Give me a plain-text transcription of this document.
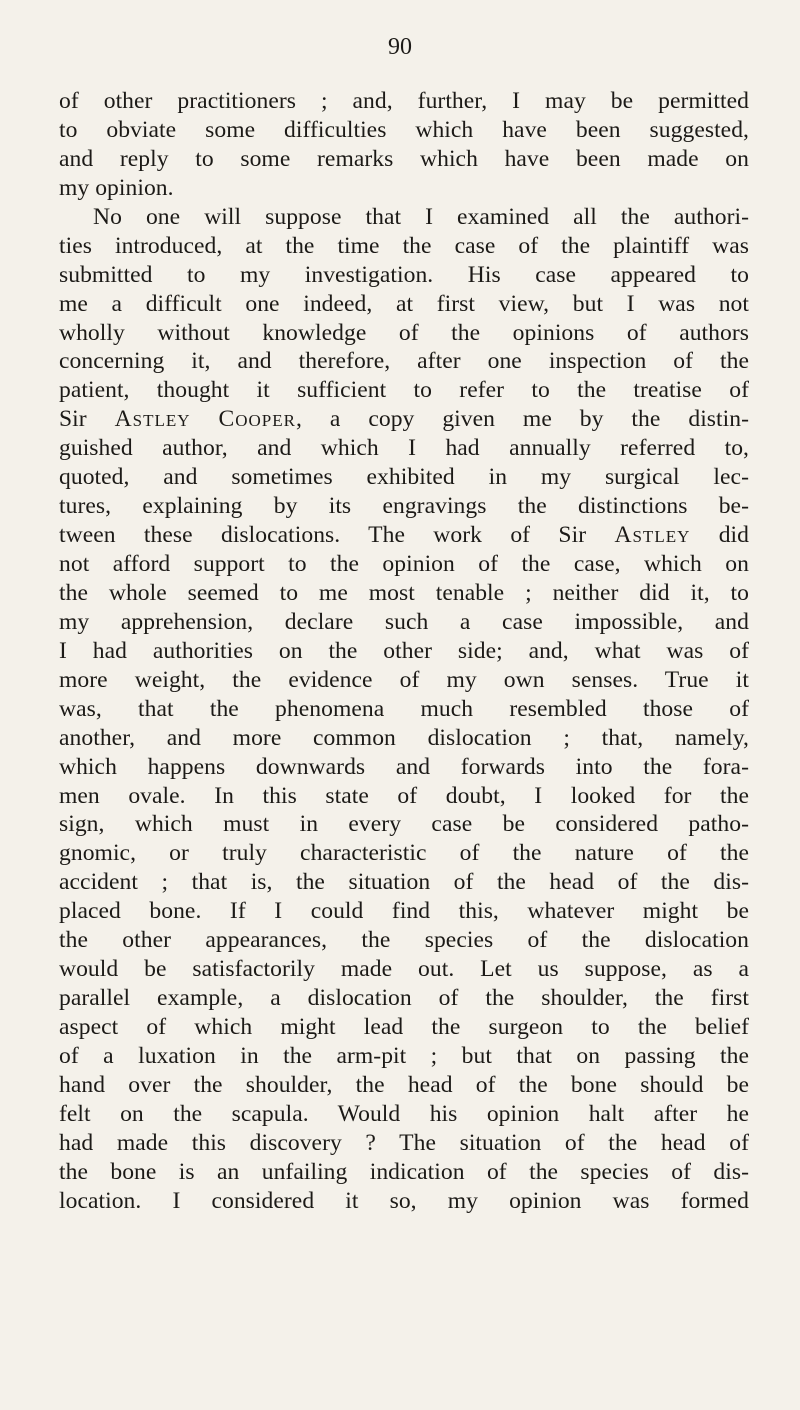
90
of other practitioners ; and, further, I may be permitted
to obviate some difficulties which have been suggested,
and reply to some remarks which have been made on
my opinion.
No one will suppose that I examined all the authori-
ties introduced, at the time the case of the plaintiff was
submitted to my investigation. His case appeared to
me a difficult one indeed, at first view, but I was not
wholly without knowledge of the opinions of authors
concerning it, and therefore, after one inspection of the
patient, thought it sufficient to refer to the treatise of
Sir Astley Cooper, a copy given me by the distin-
guished author, and which I had annually referred to,
quoted, and sometimes exhibited in my surgical lec-
tures, explaining by its engravings the distinctions be-
tween these dislocations. The work of Sir Astley did
not afford support to the opinion of the case, which on
the whole seemed to me most tenable ; neither did it, to
my apprehension, declare such a case impossible, and
I had authorities on the other side; and, what was of
more weight, the evidence of my own senses. True it
was, that the phenomena much resembled those of
another, and more common dislocation ; that, namely,
which happens downwards and forwards into the fora-
men ovale. In this state of doubt, I looked for the
sign, which must in every case be considered patho-
gnomic, or truly characteristic of the nature of the
accident ; that is, the situation of the head of the dis-
placed bone. If I could find this, whatever might be
the other appearances, the species of the dislocation
would be satisfactorily made out. Let us suppose, as a
parallel example, a dislocation of the shoulder, the first
aspect of which might lead the surgeon to the belief
of a luxation in the arm-pit ; but that on passing the
hand over the shoulder, the head of the bone should be
felt on the scapula. Would his opinion halt after he
had made this discovery ? The situation of the head of
the bone is an unfailing indication of the species of dis-
location. I considered it so, my opinion was formed
